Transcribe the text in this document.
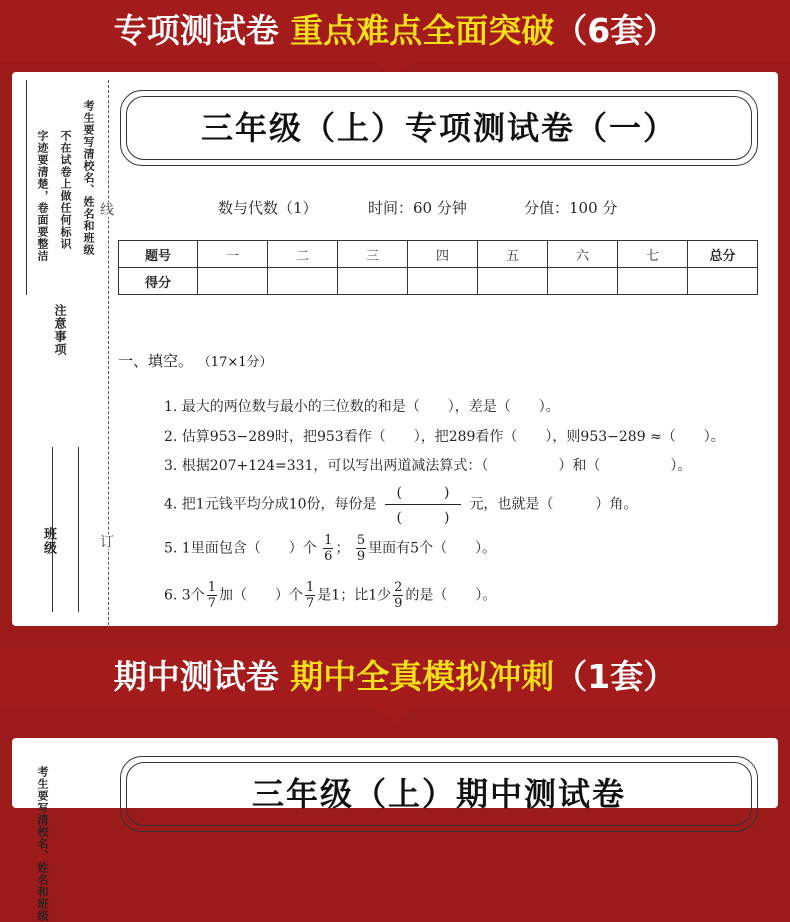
专项测试卷 重点难点全面突破（6套）
考生要写清校名、姓名和班级
不在试卷上做任何标识
字迹要清楚，卷面要整洁
注意事项
班级
线
订
三年级（上）专项测试卷（一）
数与代数（1）	时间：60 分钟	分值：100 分
题号	一	二	三	四	五	六	七	总分
得分								
一、填空。 （17×1分）
1. 最大的两位数与最小的三位数的和是（　　），差是（　　）。
2. 估算953−289时，把953看作（　　），把289看作（　　），则953−289 ≈（　　）。
3. 根据207+124=331，可以写出两道减法算式：（　　　　　）和（　　　　　）。
4. 把1元钱平均分成10份，每份是
(　　　)
(　　　)
元，也就是（　　　）角。
5. 1里面包含（　　）个 $\frac{1}{6}$ ； $\frac{5}{9}$ 里面有5个（　　）。
6. 3个 $\frac{1}{7}$ 加（　　）个 $\frac{1}{7}$ 是1；比1少 $\frac{2}{9}$ 的是（　　）。
期中测试卷 期中全真模拟冲刺（1套）
考生要写清校名、姓名和班级	三年级（上）期中测试卷
